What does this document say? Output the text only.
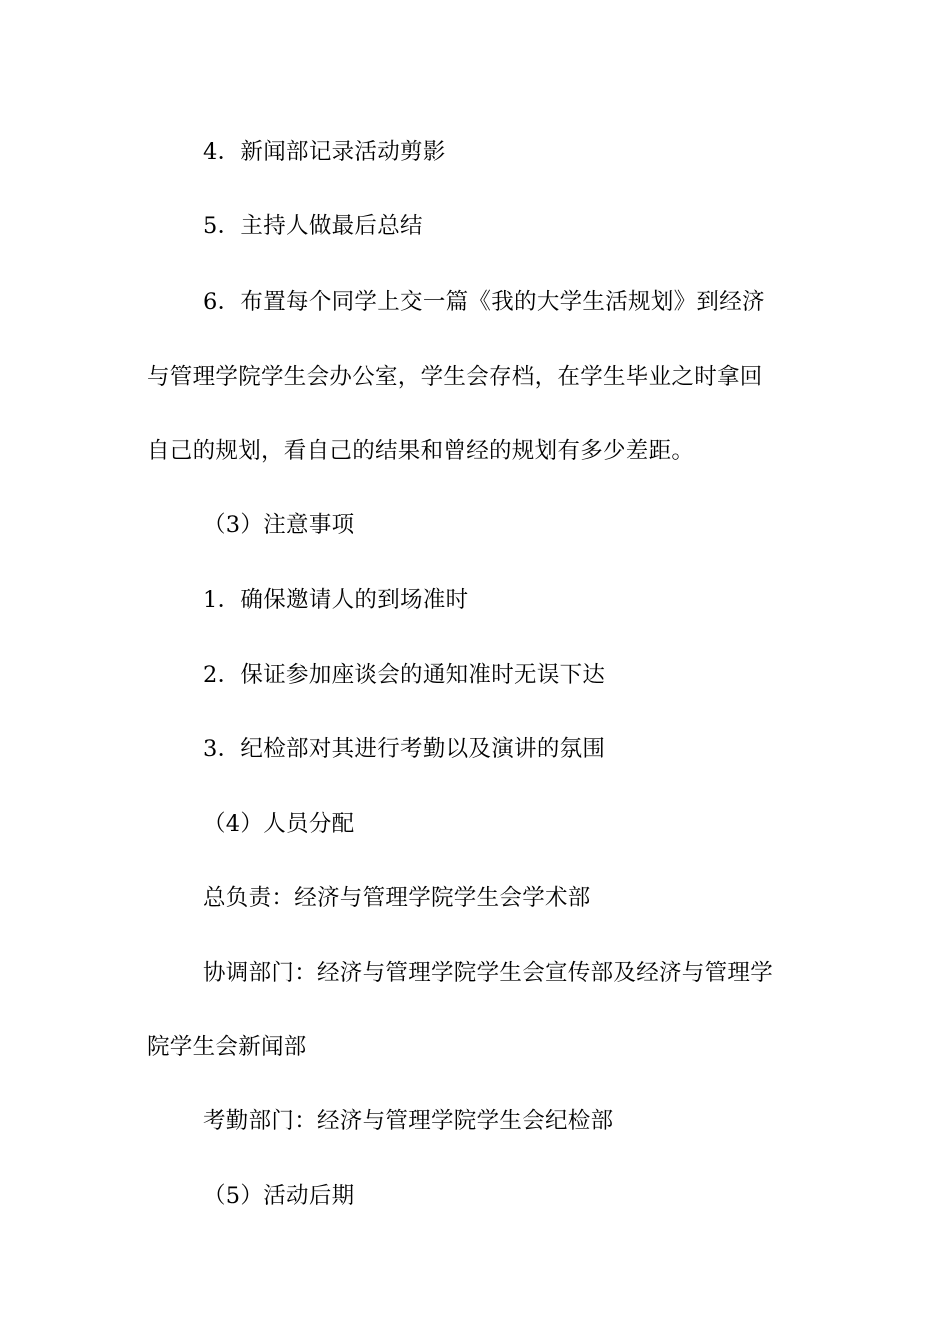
4．新闻部记录活动剪影
5．主持人做最后总结
6．布置每个同学上交一篇《我的大学生活规划》到经济
与管理学院学生会办公室，学生会存档，在学生毕业之时拿回
自己的规划，看自己的结果和曾经的规划有多少差距。
（3）注意事项
1．确保邀请人的到场准时
2．保证参加座谈会的通知准时无误下达
3．纪检部对其进行考勤以及演讲的氛围
（4）人员分配
总负责：经济与管理学院学生会学术部
协调部门：经济与管理学院学生会宣传部及经济与管理学
院学生会新闻部
考勤部门：经济与管理学院学生会纪检部
（5）活动后期
